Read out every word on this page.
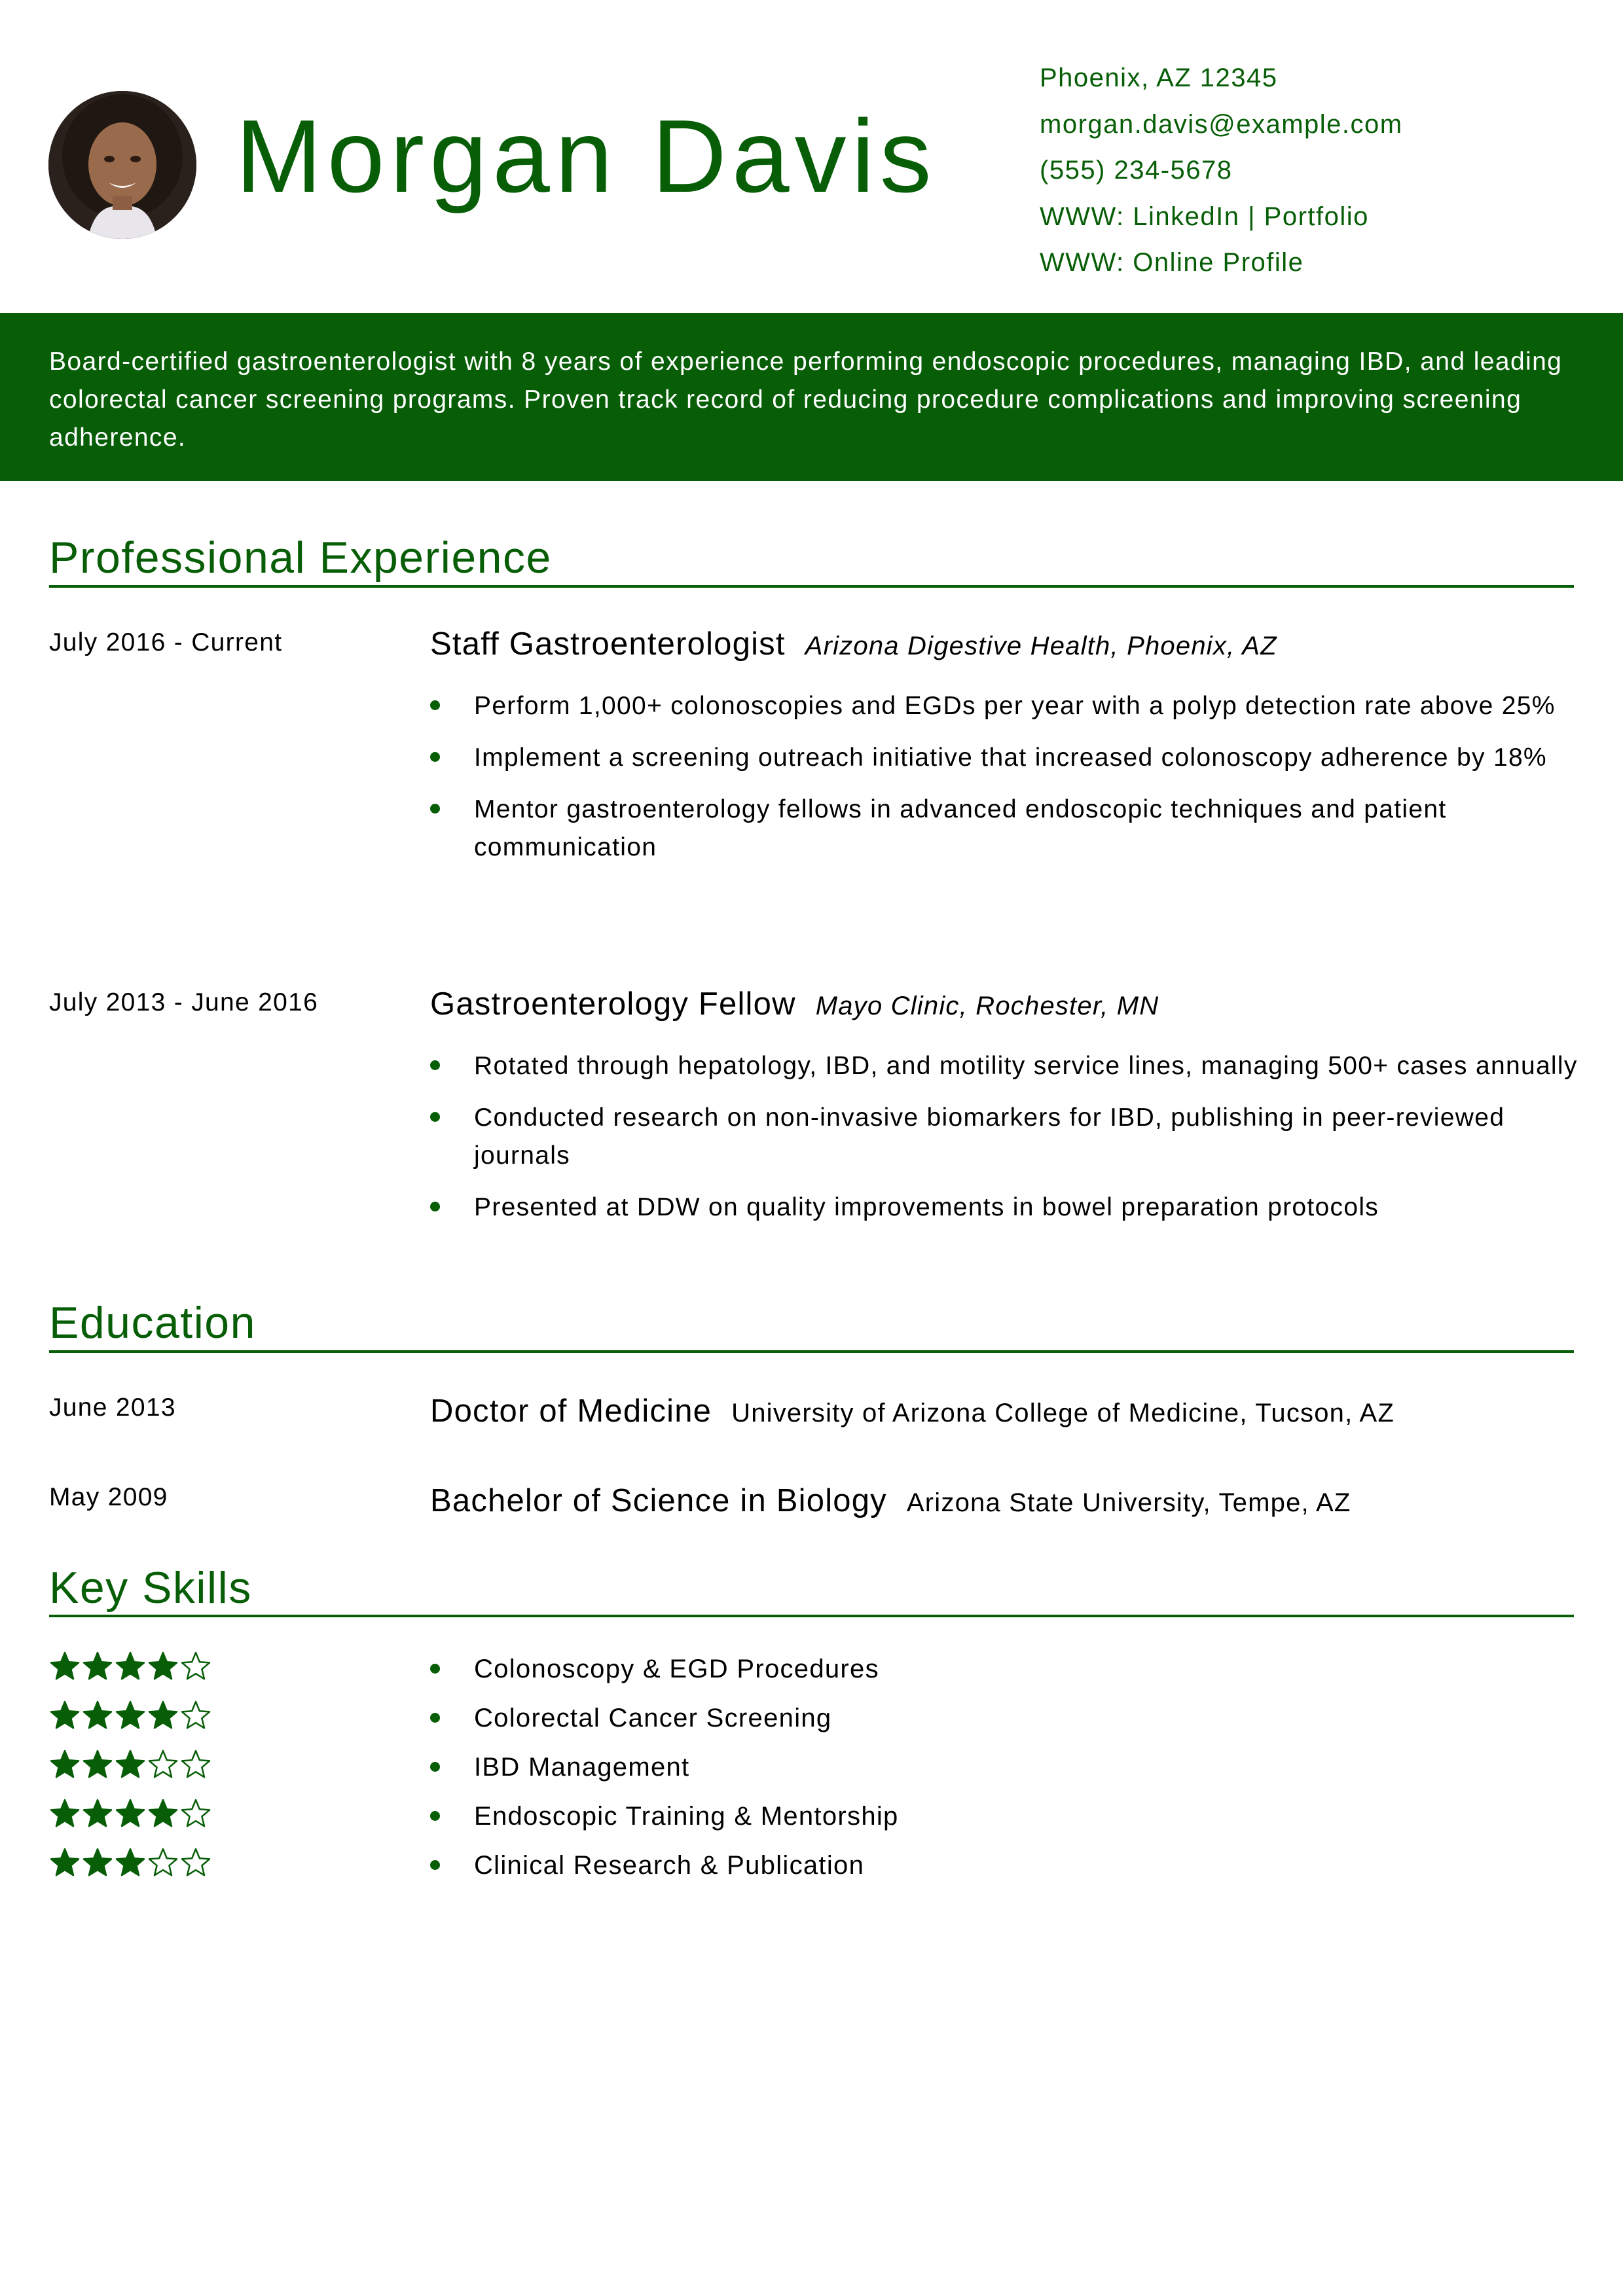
Morgan Davis
Phoenix, AZ 12345
morgan.davis@example.com
(555) 234-5678
WWW: LinkedIn | Portfolio
WWW: Online Profile
Board-certified gastroenterologist with 8 years of experience performing endoscopic procedures, managing IBD, and leading colorectal cancer screening programs. Proven track record of reducing procedure complications and improving screening adherence.
Professional Experience
July 2016 - Current	Staff Gastroenterologist Arizona Digestive Health, Phoenix, AZ
Perform 1,000+ colonoscopies and EGDs per year with a polyp detection rate above 25%
Implement a screening outreach initiative that increased colonoscopy adherence by 18%
Mentor gastroenterology fellows in advanced endoscopic techniques and patient communication
July 2013 - June 2016	Gastroenterology Fellow Mayo Clinic, Rochester, MN
Rotated through hepatology, IBD, and motility service lines, managing 500+ cases annually
Conducted research on non-invasive biomarkers for IBD, publishing in peer-reviewed journals
Presented at DDW on quality improvements in bowel preparation protocols
Education
June 2013	Doctor of Medicine University of Arizona College of Medicine, Tucson, AZ
May 2009	Bachelor of Science in Biology Arizona State University, Tempe, AZ
Key Skills
Colonoscopy & EGD Procedures
Colorectal Cancer Screening
IBD Management
Endoscopic Training & Mentorship
Clinical Research & Publication
